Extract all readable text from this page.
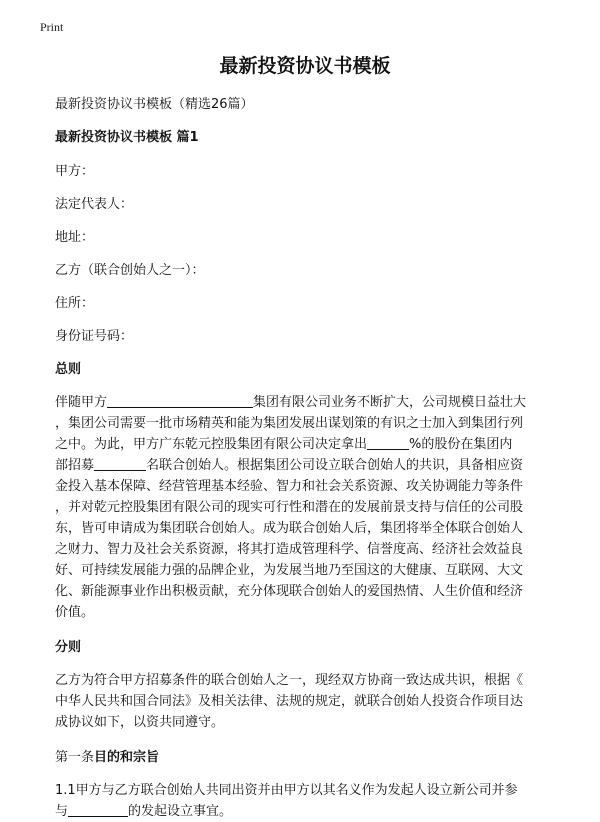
Print
最新投资协议书模板

最新投资协议书模板（精选26篇）

最新投资协议书模板 篇1

甲方：

法定代表人：

地址：

乙方（联合创始人之一）：

住所：

身份证号码：

总则

伴随甲方	集团有限公司业务不断扩大，公司规模日益壮大

，集团公司需要一批市场精英和能为集团发展出谋划策的有识之士加入到集团行列

之中。为此，甲方广东乾元控股集团有限公司决定拿出	%的股份在集团内

部招募	名联合创始人。根据集团公司设立联合创始人的共识，具备相应资

金投入基本保障、经营管理基本经验、智力和社会关系资源、攻关协调能力等条件

，并对乾元控股集团有限公司的现实可行性和潜在的发展前景支持与信任的公司股

东，皆可申请成为集团联合创始人。成为联合创始人后，集团将举全体联合创始人

之财力、智力及社会关系资源，将其打造成管理科学、信誉度高、经济社会效益良

好、可持续发展能力强的品牌企业，为发展当地乃至国这的大健康、互联网、大文

化、新能源事业作出积极贡献，充分体现联合创始人的爱国热情、人生价值和经济

价值。

分则

乙方为符合甲方招募条件的联合创始人之一，现经双方协商一致达成共识，根据《

中华人民共和国合同法》及相关法律、法规的规定，就联合创始人投资合作项目达

成协议如下，以资共同遵守。

第一条目的和宗旨

1.1甲方与乙方联合创始人共同出资并由甲方以其名义作为发起人设立新公司并参

与	的发起设立事宜。
